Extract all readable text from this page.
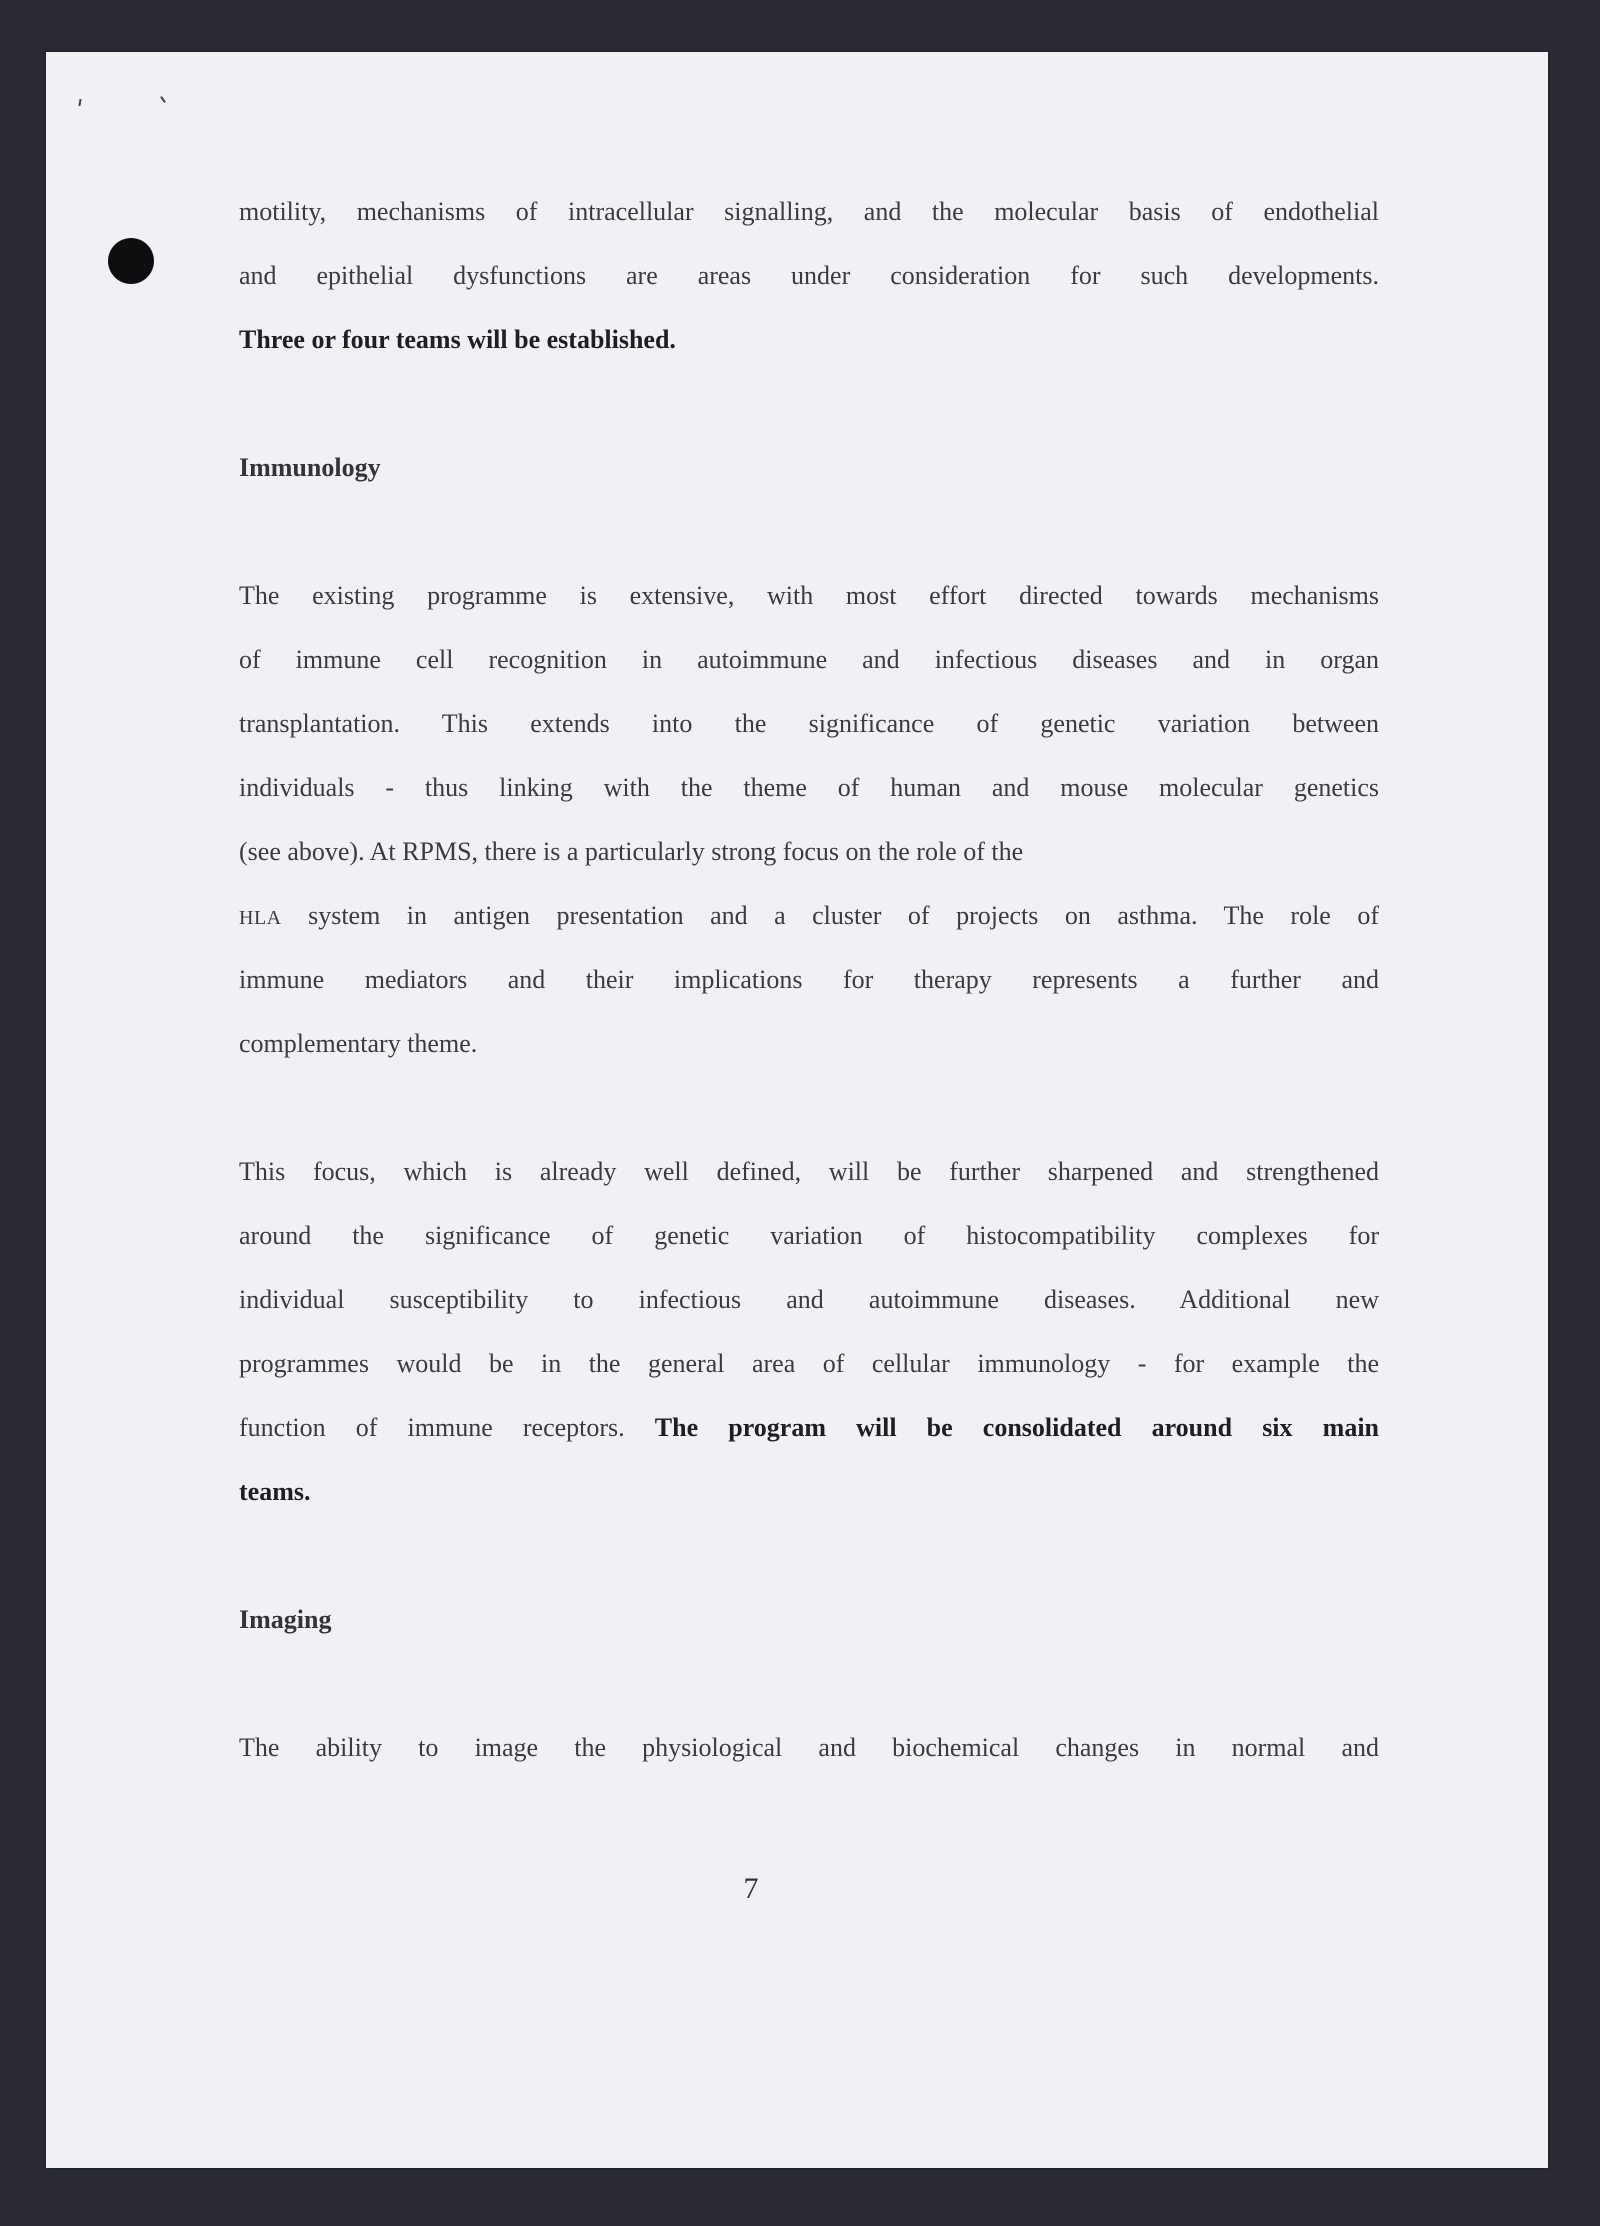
motility, mechanisms of intracellular signalling, and the molecular basis of endothelial

and epithelial dysfunctions are areas under consideration for such developments.

Three or four teams will be established.

Immunology

The existing programme is extensive, with most effort directed towards mechanisms

of immune cell recognition in autoimmune and infectious diseases and in organ

transplantation. This extends into the significance of genetic variation between

individuals - thus linking with the theme of human and mouse molecular genetics

(see above). At RPMS, there is a particularly strong focus on the role of the

HLA system in antigen presentation and a cluster of projects on asthma. The role of

immune mediators and their implications for therapy represents a further and

complementary theme.

This focus, which is already well defined, will be further sharpened and strengthened

around the significance of genetic variation of histocompatibility complexes for

individual susceptibility to infectious and autoimmune diseases. Additional new

programmes would be in the general area of cellular immunology - for example the

function of immune receptors. The program will be consolidated around six main

teams.

Imaging

The ability to image the physiological and biochemical changes in normal and

7
